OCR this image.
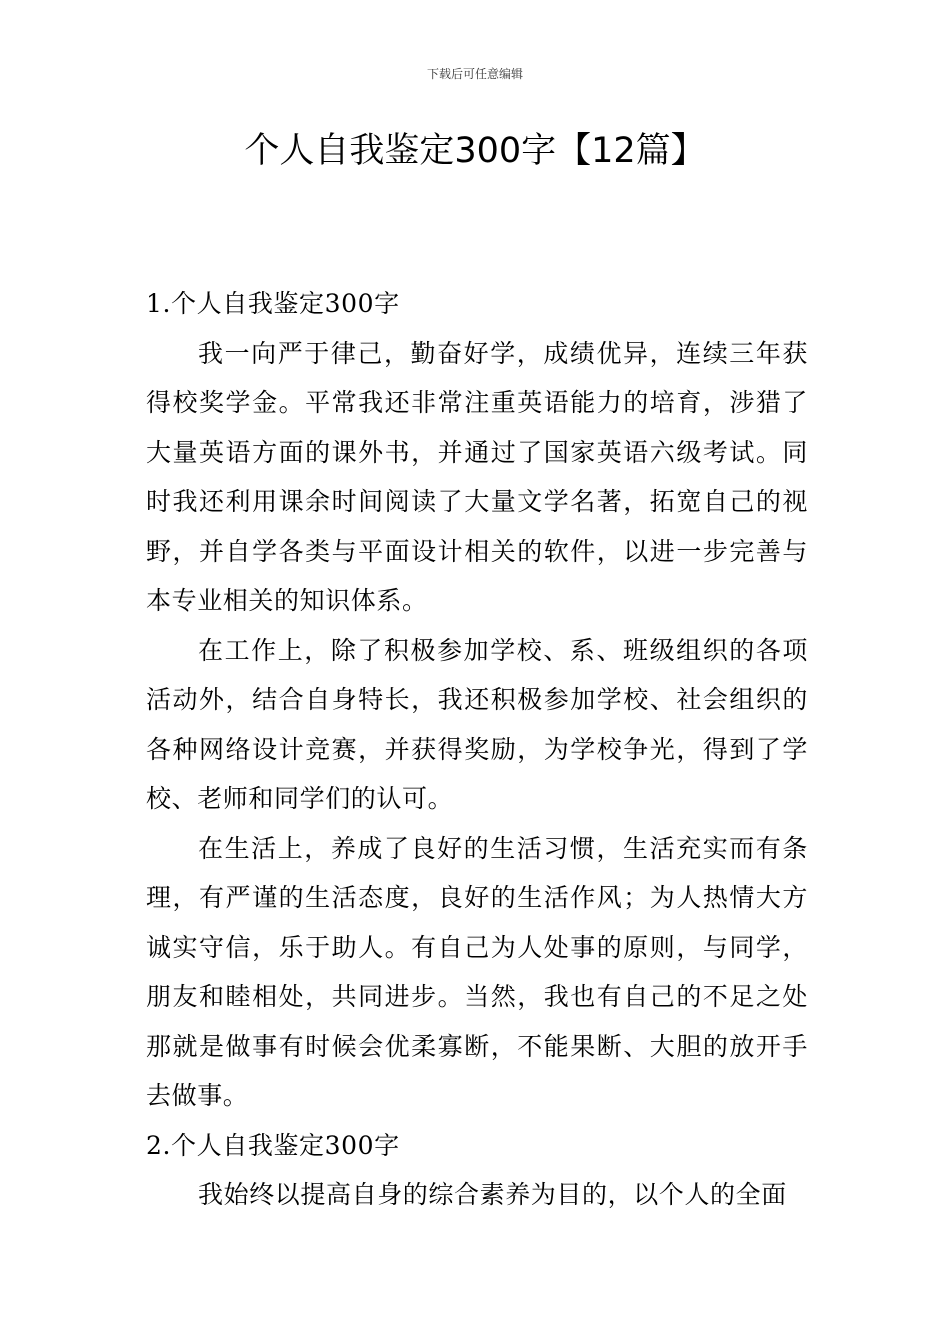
下载后可任意编辑
个人自我鉴定300字【12篇】
1.个人自我鉴定300字

我一向严于律己，勤奋好学，成绩优异，连续三年获得校奖学金。平常我还非常注重英语能力的培育，涉猎了大量英语方面的课外书，并通过了国家英语六级考试。同时我还利用课余时间阅读了大量文学名著，拓宽自己的视野，并自学各类与平面设计相关的软件，以进一步完善与本专业相关的知识体系。

在工作上，除了积极参加学校、系、班级组织的各项活动外，结合自身特长，我还积极参加学校、社会组织的各种网络设计竞赛，并获得奖励，为学校争光，得到了学校、老师和同学们的认可。

在生活上，养成了良好的生活习惯，生活充实而有条理，有严谨的生活态度，良好的生活作风；为人热情大方诚实守信，乐于助人。有自己为人处事的原则，与同学，朋友和睦相处，共同进步。当然，我也有自己的不足之处那就是做事有时候会优柔寡断，不能果断、大胆的放开手去做事。

2.个人自我鉴定300字

我始终以提高自身的综合素养为目的，以个人的全面
